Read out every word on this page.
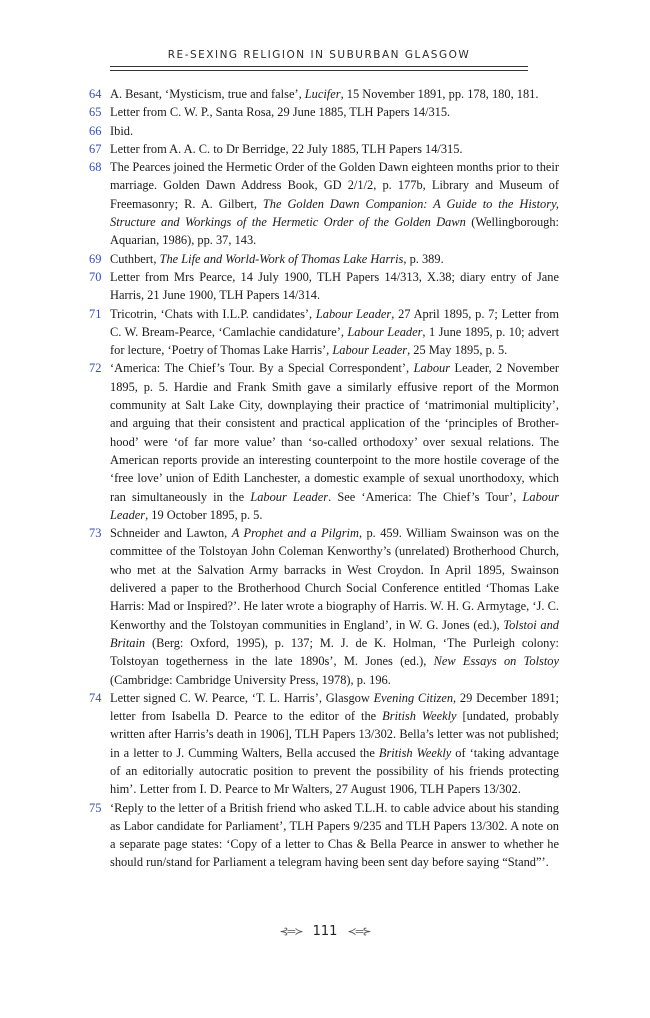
RE-SEXING RELIGION IN SUBURBAN GLASGOW
64 A. Besant, ‘Mysticism, true and false’, Lucifer, 15 November 1891, pp. 178, 180, 181.
65 Letter from C. W. P., Santa Rosa, 29 June 1885, TLH Papers 14/315.
66 Ibid.
67 Letter from A. A. C. to Dr Berridge, 22 July 1885, TLH Papers 14/315.
68 The Pearces joined the Hermetic Order of the Golden Dawn eighteen months prior to their marriage. Golden Dawn Address Book, GD 2/1/2, p. 177b, Library and Museum of Freemasonry; R. A. Gilbert, The Golden Dawn Companion: A Guide to the History, Structure and Workings of the Hermetic Order of the Golden Dawn (Wellingborough: Aquarian, 1986), pp. 37, 143.
69 Cuthbert, The Life and World-Work of Thomas Lake Harris, p. 389.
70 Letter from Mrs Pearce, 14 July 1900, TLH Papers 14/313, X.38; diary entry of Jane Harris, 21 June 1900, TLH Papers 14/314.
71 Tricotrin, ‘Chats with I.L.P. candidates’, Labour Leader, 27 April 1895, p. 7; Letter from C. W. Bream-Pearce, ‘Camlachie candidature’, Labour Leader, 1 June 1895, p. 10; advert for lecture, ‘Poetry of Thomas Lake Harris’, Labour Leader, 25 May 1895, p. 5.
72 ‘America: The Chief’s Tour. By a Special Correspondent’, Labour Leader, 2 November 1895, p. 5. Hardie and Frank Smith gave a similarly effusive report of the Mormon community at Salt Lake City, downplaying their practice of ‘matrimonial multiplicity’, and arguing that their consistent and practical application of the ‘principles of Brother-hood’ were ‘of far more value’ than ‘so-called orthodoxy’ over sexual relations. The American reports provide an interesting counterpoint to the more hostile coverage of the ‘free love’ union of Edith Lanchester, a domestic example of sexual unorthodoxy, which ran simultaneously in the Labour Leader. See ‘America: The Chief’s Tour’, Labour Leader, 19 October 1895, p. 5.
73 Schneider and Lawton, A Prophet and a Pilgrim, p. 459. William Swainson was on the committee of the Tolstoyan John Coleman Kenworthy’s (unrelated) Brotherhood Church, who met at the Salvation Army barracks in West Croydon. In April 1895, Swainson delivered a paper to the Brotherhood Church Social Conference entitled ‘Thomas Lake Harris: Mad or Inspired?’. He later wrote a biography of Harris. W. H. G. Armytage, ‘J. C. Kenworthy and the Tolstoyan communities in England’, in W. G. Jones (ed.), Tolstoi and Britain (Berg: Oxford, 1995), p. 137; M. J. de K. Holman, ‘The Purleigh colony: Tolstoyan togetherness in the late 1890s’, M. Jones (ed.), New Essays on Tolstoy (Cambridge: Cambridge University Press, 1978), p. 196.
74 Letter signed C. W. Pearce, ‘T. L. Harris’, Glasgow Evening Citizen, 29 December 1891; letter from Isabella D. Pearce to the editor of the British Weekly [undated, probably written after Harris’s death in 1906], TLH Papers 13/302. Bella’s letter was not published; in a letter to J. Cumming Walters, Bella accused the British Weekly of ‘taking advantage of an editorially autocratic position to prevent the possibility of his friends protecting him’. Letter from I. D. Pearce to Mr Walters, 27 August 1906, TLH Papers 13/302.
75 ‘Reply to the letter of a British friend who asked T.L.H. to cable advice about his standing as Labor candidate for Parliament’, TLH Papers 9/235 and TLH Papers 13/302. A note on a separate page states: ‘Copy of a letter to Chas & Bella Pearce in answer to whether he should run/stand for Parliament a telegram having been sent day before saying “Stand”’.
⊰═≻ 111 ≺═⊱
